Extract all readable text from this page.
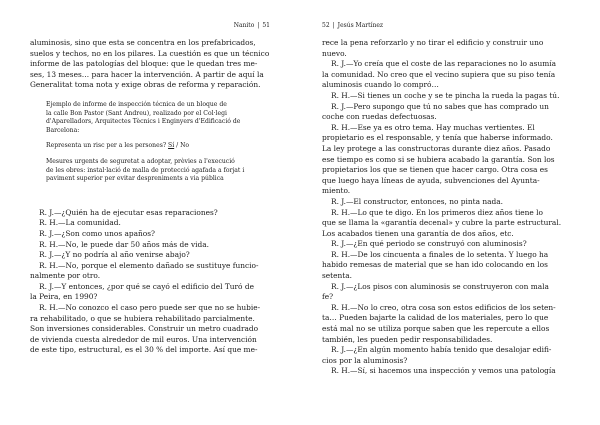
Nanito | 51

aluminosis, sino que esta se concentra en los prefabricados,

suelos y techos, no en los pilares. La cuestión es que un técnico

informe de las patologías del bloque: que le quedan tres me-

ses, 13 meses… para hacer la intervención. A partir de aquí la

Generalitat toma nota y exige obras de reforma y reparación.

Ejemplo de informe de inspección técnica de un bloque de

la calle Bon Pastor (Sant Andreu), realizado por el Col·legi

d'Aparelladors, Arquitectes Tècnics i Enginyers d'Edificació de

Barcelona:

Representa un risc per a les persones? Sí / No

Mesures urgents de seguretat a adoptar, prèvies a l'execució

de les obres: instal·lació de malla de protecció agafada a forjat i

paviment superior per evitar despreniments a via pública

R. J.—¿Quién ha de ejecutar esas reparaciones?

R. H.—La comunidad.

R. J.—¿Son como unos apaños?

R. H.—No, le puede dar 50 años más de vida.

R. J.—¿Y no podría al año venirse abajo?

R. H.—No, porque el elemento dañado se sustituye funcio-

nalmente por otro.

R. J.—Y entonces, ¿por qué se cayó el edificio del Turó de

la Peira, en 1990?

R. H.—No conozco el caso pero puede ser que no se hubie-

ra rehabilitado, o que se hubiera rehabilitado parcialmente.

Son inversiones considerables. Construir un metro cuadrado

de vivienda cuesta alrededor de mil euros. Una intervención

de este tipo, estructural, es el 30 % del importe. Así que me-

52 | Jesús Martínez

rece la pena reforzarlo y no tirar el edificio y construir uno

nuevo.

R. J.—Yo creía que el coste de las reparaciones no lo asumía

la comunidad. No creo que el vecino supiera que su piso tenía

aluminosis cuando lo compró…

R. H.—Si tienes un coche y se te pincha la rueda la pagas tú.

R. J.—Pero supongo que tú no sabes que has comprado un

coche con ruedas defectuosas.

R. H.—Ese ya es otro tema. Hay muchas vertientes. El

propietario es el responsable, y tenía que haberse informado.

La ley protege a las constructoras durante diez años. Pasado

ese tiempo es como si se hubiera acabado la garantía. Son los

propietarios los que se tienen que hacer cargo. Otra cosa es

que luego haya líneas de ayuda, subvenciones del Ayunta-

miento.

R. J.—El constructor, entonces, no pinta nada.

R. H.—Lo que te digo. En los primeros diez años tiene lo

que se llama la «garantía decenal» y cubre la parte estructural.

Los acabados tienen una garantía de dos años, etc.

R. J.—¿En qué periodo se construyó con aluminosis?

R. H.—De los cincuenta a finales de lo setenta. Y luego ha

habido remesas de material que se han ido colocando en los

setenta.

R. J.—¿Los pisos con aluminosis se construyeron con mala

fe?

R. H.—No lo creo, otra cosa son estos edificios de los seten-

ta… Pueden bajarte la calidad de los materiales, pero lo que

está mal no se utiliza porque saben que les repercute a ellos

también, les pueden pedir responsabilidades.

R. J.—¿En algún momento había tenido que desalojar edifi-

cios por la aluminosis?

R. H.—Sí, si hacemos una inspección y vemos una patología
